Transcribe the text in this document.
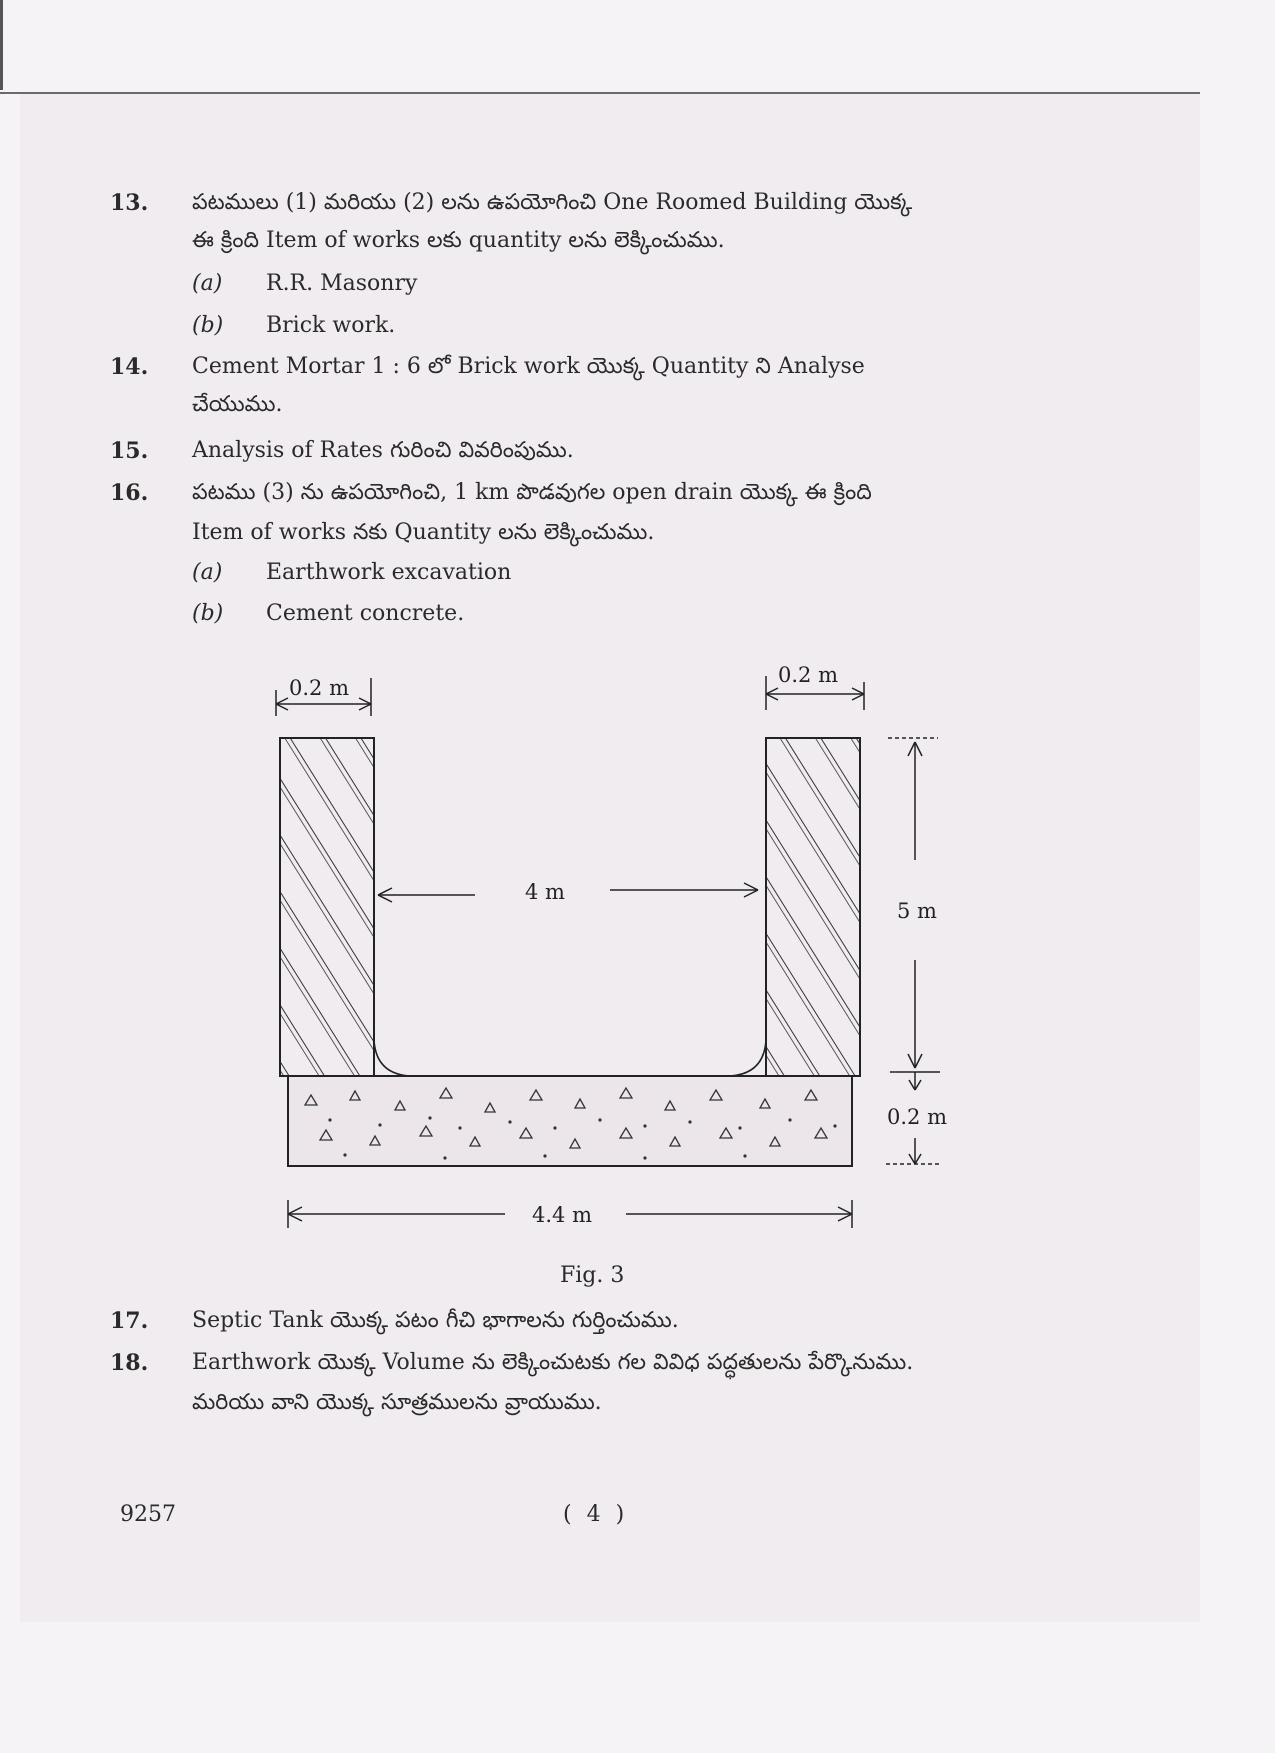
13.	పటములు (1) మరియు (2) లను ఉపయోగించి One Roomed Building యొక్క
ఈ క్రింది Item of works లకు quantity లను లెక్కించుము.
(a) R.R. Masonry
(b) Brick work.
14.	Cement Mortar 1 : 6 లో Brick work యొక్క Quantity ని Analyse
చేయుము.
15.	Analysis of Rates గురించి వివరింపుము.
16.	పటము (3) ను ఉపయోగించి, 1 km పొడవుగల open drain యొక్క ఈ క్రింది
Item of works నకు Quantity లను లెక్కించుము.
(a) Earthwork excavation
(b) Cement concrete.
0.2 m
0.2 m
4 m
5 m
0.2 m
4.4 m
Fig. 3
17.	Septic Tank యొక్క పటం గీచి భాగాలను గుర్తించుము.
18.	Earthwork యొక్క Volume ను లెక్కించుటకు గల వివిధ పద్ధతులను పేర్కొనుము.
మరియు వాని యొక్క సూత్రములను వ్రాయుము.
9257	( 4 )
